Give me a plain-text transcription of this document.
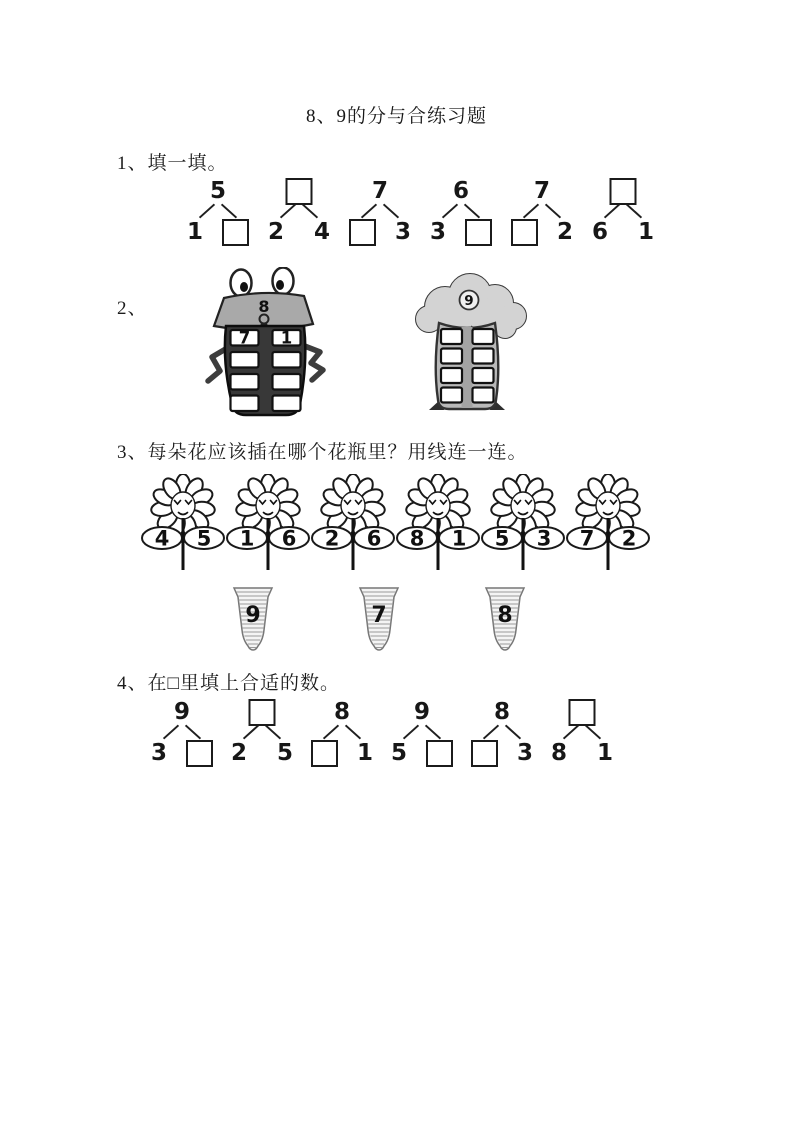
8、9的分与合练习题
1、填一填。
5
1	2 4
7
3
6
3
7
2 6 1
2、	8
7 1
9
3、每朵花应该插在哪个花瓶里？用线连一连。
4 5 1 6 2 6 8 1 5 3 7 2
9	7	8
4、在□里填上合适的数。
9
3	2 5
8
1
9
5
8
3 8 1
